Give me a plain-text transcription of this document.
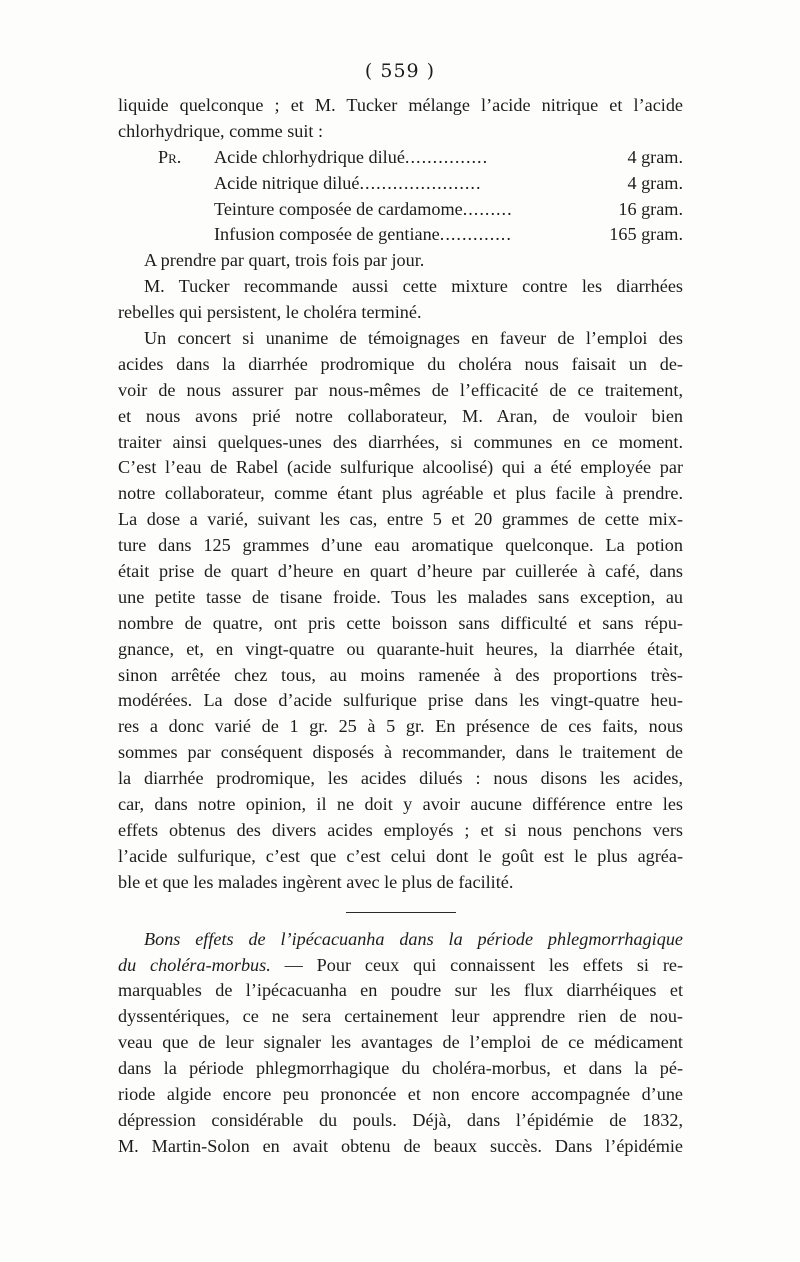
( 559 )
liquide quelconque ; et M. Tucker mélange l’acide nitrique et l’acide
chlorhydrique, comme suit :
Pr. Acide chlorhydrique dilué...............	4 gram.
Acide nitrique dilué......................	4 gram.
Teinture composée de cardamome.........	16 gram.
Infusion composée de gentiane.............	165 gram.
A prendre par quart, trois fois par jour.
M. Tucker recommande aussi cette mixture contre les diarrhées
rebelles qui persistent, le choléra terminé.
Un concert si unanime de témoignages en faveur de l’emploi des
acides dans la diarrhée prodromique du choléra nous faisait un de-
voir de nous assurer par nous-mêmes de l’efficacité de ce traitement,
et nous avons prié notre collaborateur, M. Aran, de vouloir bien
traiter ainsi quelques-unes des diarrhées, si communes en ce moment.
C’est l’eau de Rabel (acide sulfurique alcoolisé) qui a été employée par
notre collaborateur, comme étant plus agréable et plus facile à prendre.
La dose a varié, suivant les cas, entre 5 et 20 grammes de cette mix-
ture dans 125 grammes d’une eau aromatique quelconque. La potion
était prise de quart d’heure en quart d’heure par cuillerée à café, dans
une petite tasse de tisane froide. Tous les malades sans exception, au
nombre de quatre, ont pris cette boisson sans difficulté et sans répu-
gnance, et, en vingt-quatre ou quarante-huit heures, la diarrhée était,
sinon arrêtée chez tous, au moins ramenée à des proportions très-
modérées. La dose d’acide sulfurique prise dans les vingt-quatre heu-
res a donc varié de 1 gr. 25 à 5 gr. En présence de ces faits, nous
sommes par conséquent disposés à recommander, dans le traitement de
la diarrhée prodromique, les acides dilués : nous disons les acides,
car, dans notre opinion, il ne doit y avoir aucune différence entre les
effets obtenus des divers acides employés ; et si nous penchons vers
l’acide sulfurique, c’est que c’est celui dont le goût est le plus agréa-
ble et que les malades ingèrent avec le plus de facilité.
Bons effets de l’ipécacuanha dans la période phlegmorrhagique
du choléra-morbus. — Pour ceux qui connaissent les effets si re-
marquables de l’ipécacuanha en poudre sur les flux diarrhéiques et
dyssentériques, ce ne sera certainement leur apprendre rien de nou-
veau que de leur signaler les avantages de l’emploi de ce médicament
dans la période phlegmorrhagique du choléra-morbus, et dans la pé-
riode algide encore peu prononcée et non encore accompagnée d’une
dépression considérable du pouls. Déjà, dans l’épidémie de 1832,
M. Martin-Solon en avait obtenu de beaux succès. Dans l’épidémie
